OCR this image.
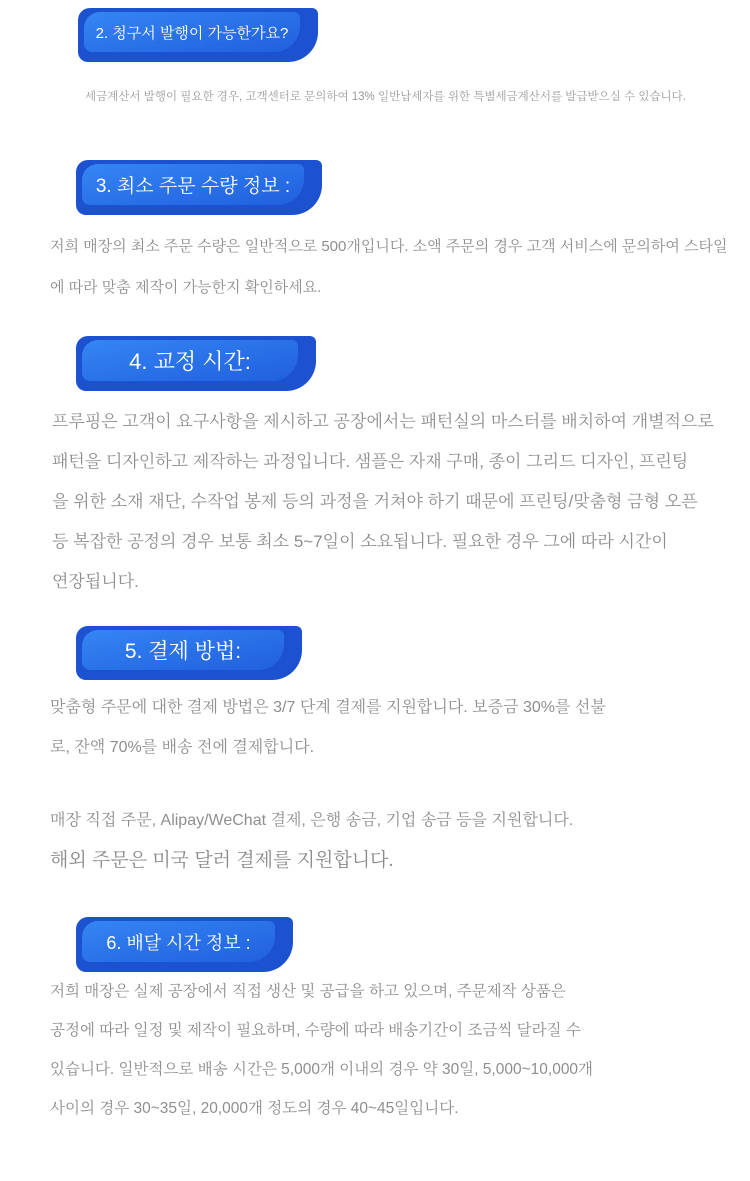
2. 청구서 발행이 가능한가요?
세금계산서 발행이 필요한 경우, 고객센터로 문의하여 13% 일반납세자를 위한 특별세금계산서를 발급받으실 수 있습니다.
3. 최소 주문 수량 정보 :
저희 매장의 최소 주문 수량은 일반적으로 500개입니다. 소액 주문의 경우 고객 서비스에 문의하여 스타일
에 따라 맞춤 제작이 가능한지 확인하세요.
4. 교정 시간:
프루핑은 고객이 요구사항을 제시하고 공장에서는 패턴실의 마스터를 배치하여 개별적으로
패턴을 디자인하고 제작하는 과정입니다. 샘플은 자재 구매, 종이 그리드 디자인, 프린팅
을 위한 소재 재단, 수작업 봉제 등의 과정을 거쳐야 하기 때문에 프린팅/맞춤형 금형 오픈
등 복잡한 공정의 경우 보통 최소 5~7일이 소요됩니다. 필요한 경우 그에 따라 시간이
연장됩니다.
5. 결제 방법:
맞춤형 주문에 대한 결제 방법은 3/7 단계 결제를 지원합니다. 보증금 30%를 선불
로, 잔액 70%를 배송 전에 결제합니다.
매장 직접 주문, Alipay/WeChat 결제, 은행 송금, 기업 송금 등을 지원합니다.
해외 주문은 미국 달러 결제를 지원합니다.
6. 배달 시간 정보 :
저희 매장은 실제 공장에서 직접 생산 및 공급을 하고 있으며, 주문제작 상품은
공정에 따라 일정 및 제작이 필요하며, 수량에 따라 배송기간이 조금씩 달라질 수
있습니다. 일반적으로 배송 시간은 5,000개 이내의 경우 약 30일, 5,000~10,000개
사이의 경우 30~35일, 20,000개 정도의 경우 40~45일입니다.
